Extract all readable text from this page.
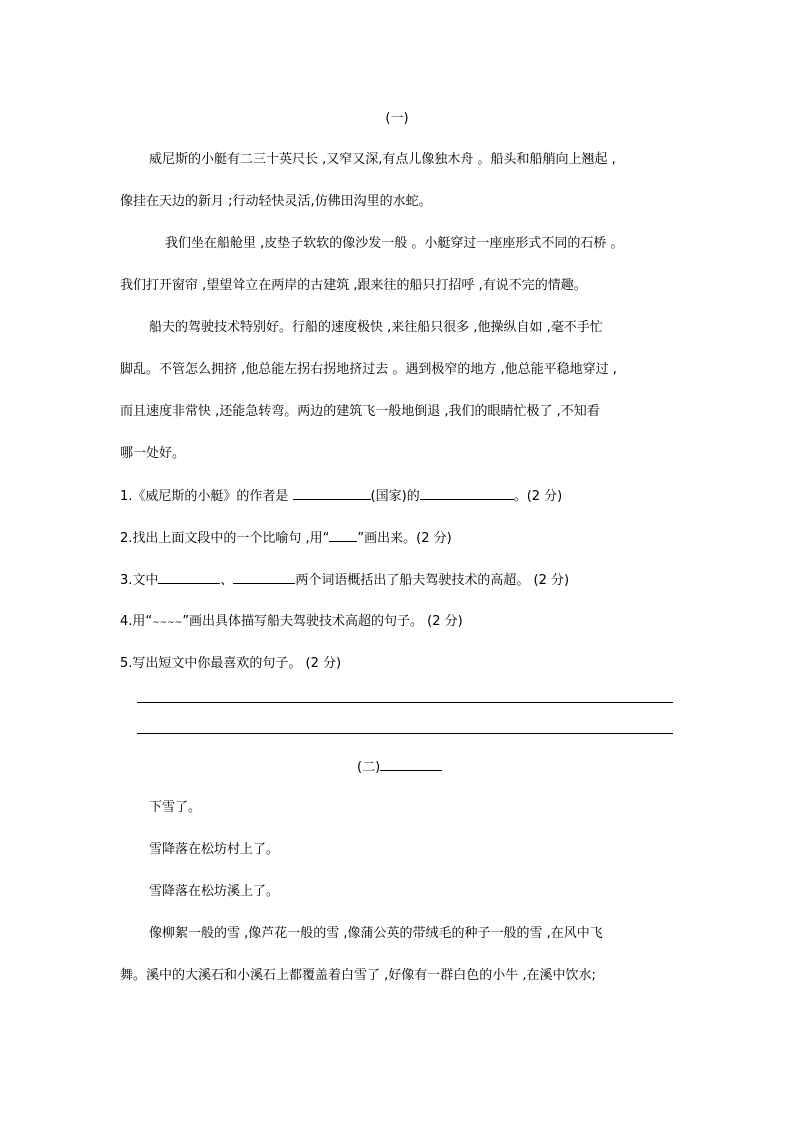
(一)
威尼斯的小艇有二三十英尺长 ,又窄又深,有点儿像独木舟 。船头和船艄向上翘起 ,
像挂在天边的新月 ;行动轻快灵活,仿佛田沟里的水蛇。
我们坐在船舱里 ,皮垫子软软的像沙发一般 。小艇穿过一座座形式不同的石桥 。
我们打开窗帘 ,望望耸立在两岸的古建筑 ,跟来往的船只打招呼 ,有说不完的情趣。
船夫的驾驶技术特别好。行船的速度极快 ,来往船只很多 ,他操纵自如 ,毫不手忙
脚乱。不管怎么拥挤 ,他总能左拐右拐地挤过去 。遇到极窄的地方 ,他总能平稳地穿过 ,
而且速度非常快 ,还能急转弯。两边的建筑飞一般地倒退 ,我们的眼睛忙极了 ,不知看
哪一处好。
1.《威尼斯的小艇》的作者是	(国家)的	。(2 分)
2.找出上面文段中的一个比喻句 ,用“ ”画出来。(2 分)
3.文中	、	两个词语概括出了船夫驾驶技术的高超。 (2 分)
4.用“~~~~”画出具体描写船夫驾驶技术高超的句子。 (2 分)
5.写出短文中你最喜欢的句子。 (2 分)
(二)
下雪了。
雪降落在松坊村上了。
雪降落在松坊溪上了。
像柳絮一般的雪 ,像芦花一般的雪 ,像蒲公英的带绒毛的种子一般的雪 ,在风中飞
舞。溪中的大溪石和小溪石上都覆盖着白雪了 ,好像有一群白色的小牛 ,在溪中饮水;
